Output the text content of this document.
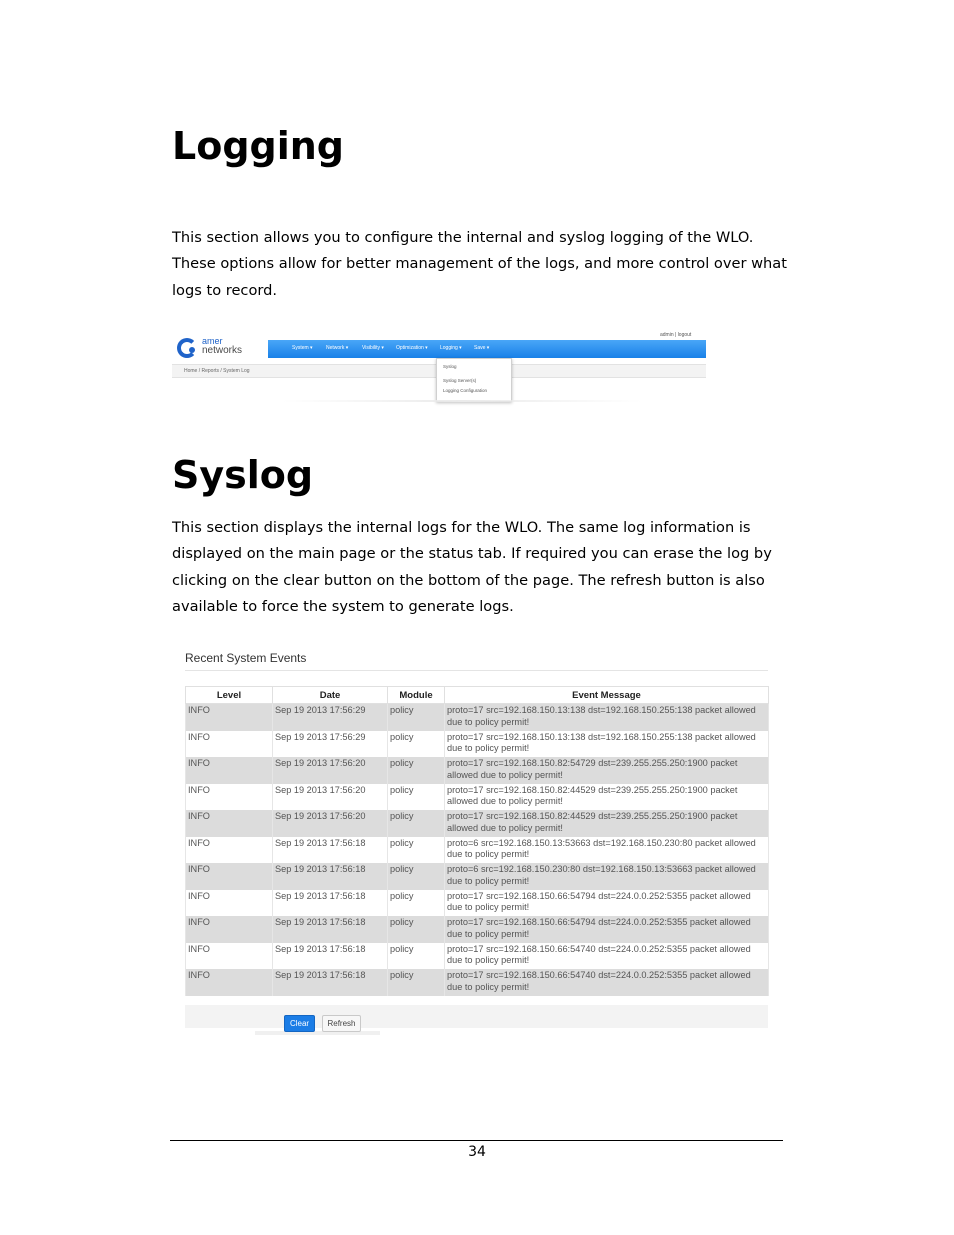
Logging

This section allows you to configure the internal and syslog logging of the WLO. These options allow for better management of the logs, and more control over what logs to record.

amer
networks
admin | logout
System ▾	Network ▾	Visibility ▾ Optimization ▾ Logging ▾ Save ▾
Home / Reports / System Log
Syslog
Syslog Server(s)
Logging Configuration
Syslog

This section displays the internal logs for the WLO. The same log information is displayed on the main page or the status tab. If required you can erase the log by clicking on the clear button on the bottom of the page. The refresh button is also available to force the system to generate logs.

Recent System Events
Level	Date	Module	Event Message

INFO	Sep 19 2013 17:56:29	policy	proto=17 src=192.168.150.13:138 dst=192.168.150.255:138 packet allowed due to policy permit!

INFO	Sep 19 2013 17:56:29	policy	proto=17 src=192.168.150.13:138 dst=192.168.150.255:138 packet allowed due to policy permit!

INFO	Sep 19 2013 17:56:20	policy	proto=17 src=192.168.150.82:54729 dst=239.255.255.250:1900 packet allowed due to policy permit!

INFO	Sep 19 2013 17:56:20	policy	proto=17 src=192.168.150.82:44529 dst=239.255.255.250:1900 packet allowed due to policy permit!

INFO	Sep 19 2013 17:56:20	policy	proto=17 src=192.168.150.82:44529 dst=239.255.255.250:1900 packet allowed due to policy permit!

INFO	Sep 19 2013 17:56:18	policy	proto=6 src=192.168.150.13:53663 dst=192.168.150.230:80 packet allowed due to policy permit!

INFO	Sep 19 2013 17:56:18	policy	proto=6 src=192.168.150.230:80 dst=192.168.150.13:53663 packet allowed due to policy permit!

INFO	Sep 19 2013 17:56:18	policy	proto=17 src=192.168.150.66:54794 dst=224.0.0.252:5355 packet allowed due to policy permit!

INFO	Sep 19 2013 17:56:18	policy	proto=17 src=192.168.150.66:54794 dst=224.0.0.252:5355 packet allowed due to policy permit!

INFO	Sep 19 2013 17:56:18	policy	proto=17 src=192.168.150.66:54740 dst=224.0.0.252:5355 packet allowed due to policy permit!

INFO	Sep 19 2013 17:56:18	policy	proto=17 src=192.168.150.66:54740 dst=224.0.0.252:5355 packet allowed due to policy permit!
Clear	Refresh
34
